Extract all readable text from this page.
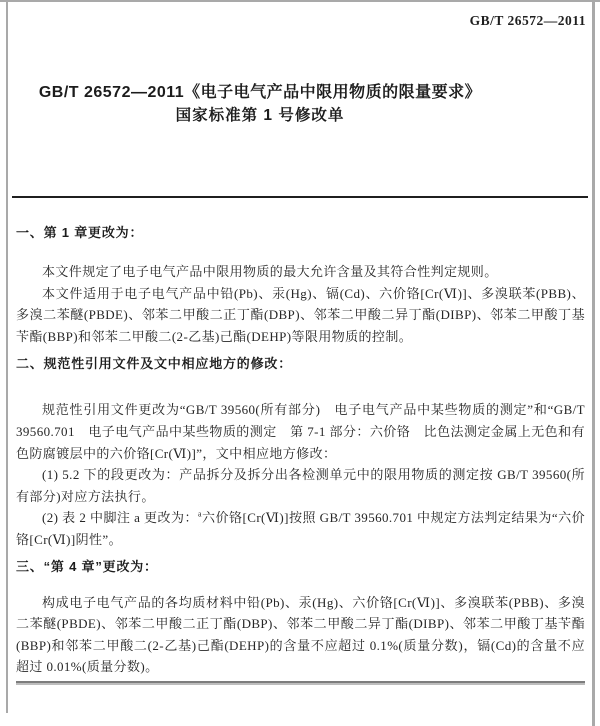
GB/T 26572—2011
GB/T 26572—2011《电子电气产品中限用物质的限量要求》
国家标准第 1 号修改单
一、第 1 章更改为：

本文件规定了电子电气产品中限用物质的最大允许含量及其符合性判定规则。

本文件适用于电子电气产品中铅(Pb)、汞(Hg)、镉(Cd)、六价铬[Cr(Ⅵ)]、多溴联苯(PBB)、多溴二苯醚(PBDE)、邻苯二甲酸二正丁酯(DBP)、邻苯二甲酸二异丁酯(DIBP)、邻苯二甲酸丁基苄酯(BBP)和邻苯二甲酸二(2-乙基)己酯(DEHP)等限用物质的控制。

二、规范性引用文件及文中相应地方的修改：

规范性引用文件更改为“GB/T 39560(所有部分)　电子电气产品中某些物质的测定”和“GB/T 39560.701　电子电气产品中某些物质的测定　第 7-1 部分：六价铬　比色法测定金属上无色和有色防腐镀层中的六价铬[Cr(Ⅵ)]”，文中相应地方修改：

(1) 5.2 下的段更改为：产品拆分及拆分出各检测单元中的限用物质的测定按 GB/T 39560(所有部分)对应方法执行。

(2) 表 2 中脚注 a 更改为：$^a$六价铬[Cr(Ⅵ)]按照 GB/T 39560.701 中规定方法判定结果为“六价铬[Cr(Ⅵ)]阴性”。

三、“第 4 章”更改为：

构成电子电气产品的各均质材料中铅(Pb)、汞(Hg)、六价铬[Cr(Ⅵ)]、多溴联苯(PBB)、多溴二苯醚(PBDE)、邻苯二甲酸二正丁酯(DBP)、邻苯二甲酸二异丁酯(DIBP)、邻苯二甲酸丁基苄酯(BBP)和邻苯二甲酸二(2-乙基)己酯(DEHP)的含量不应超过 0.1%(质量分数)，镉(Cd)的含量不应超过 0.01%(质量分数)。
